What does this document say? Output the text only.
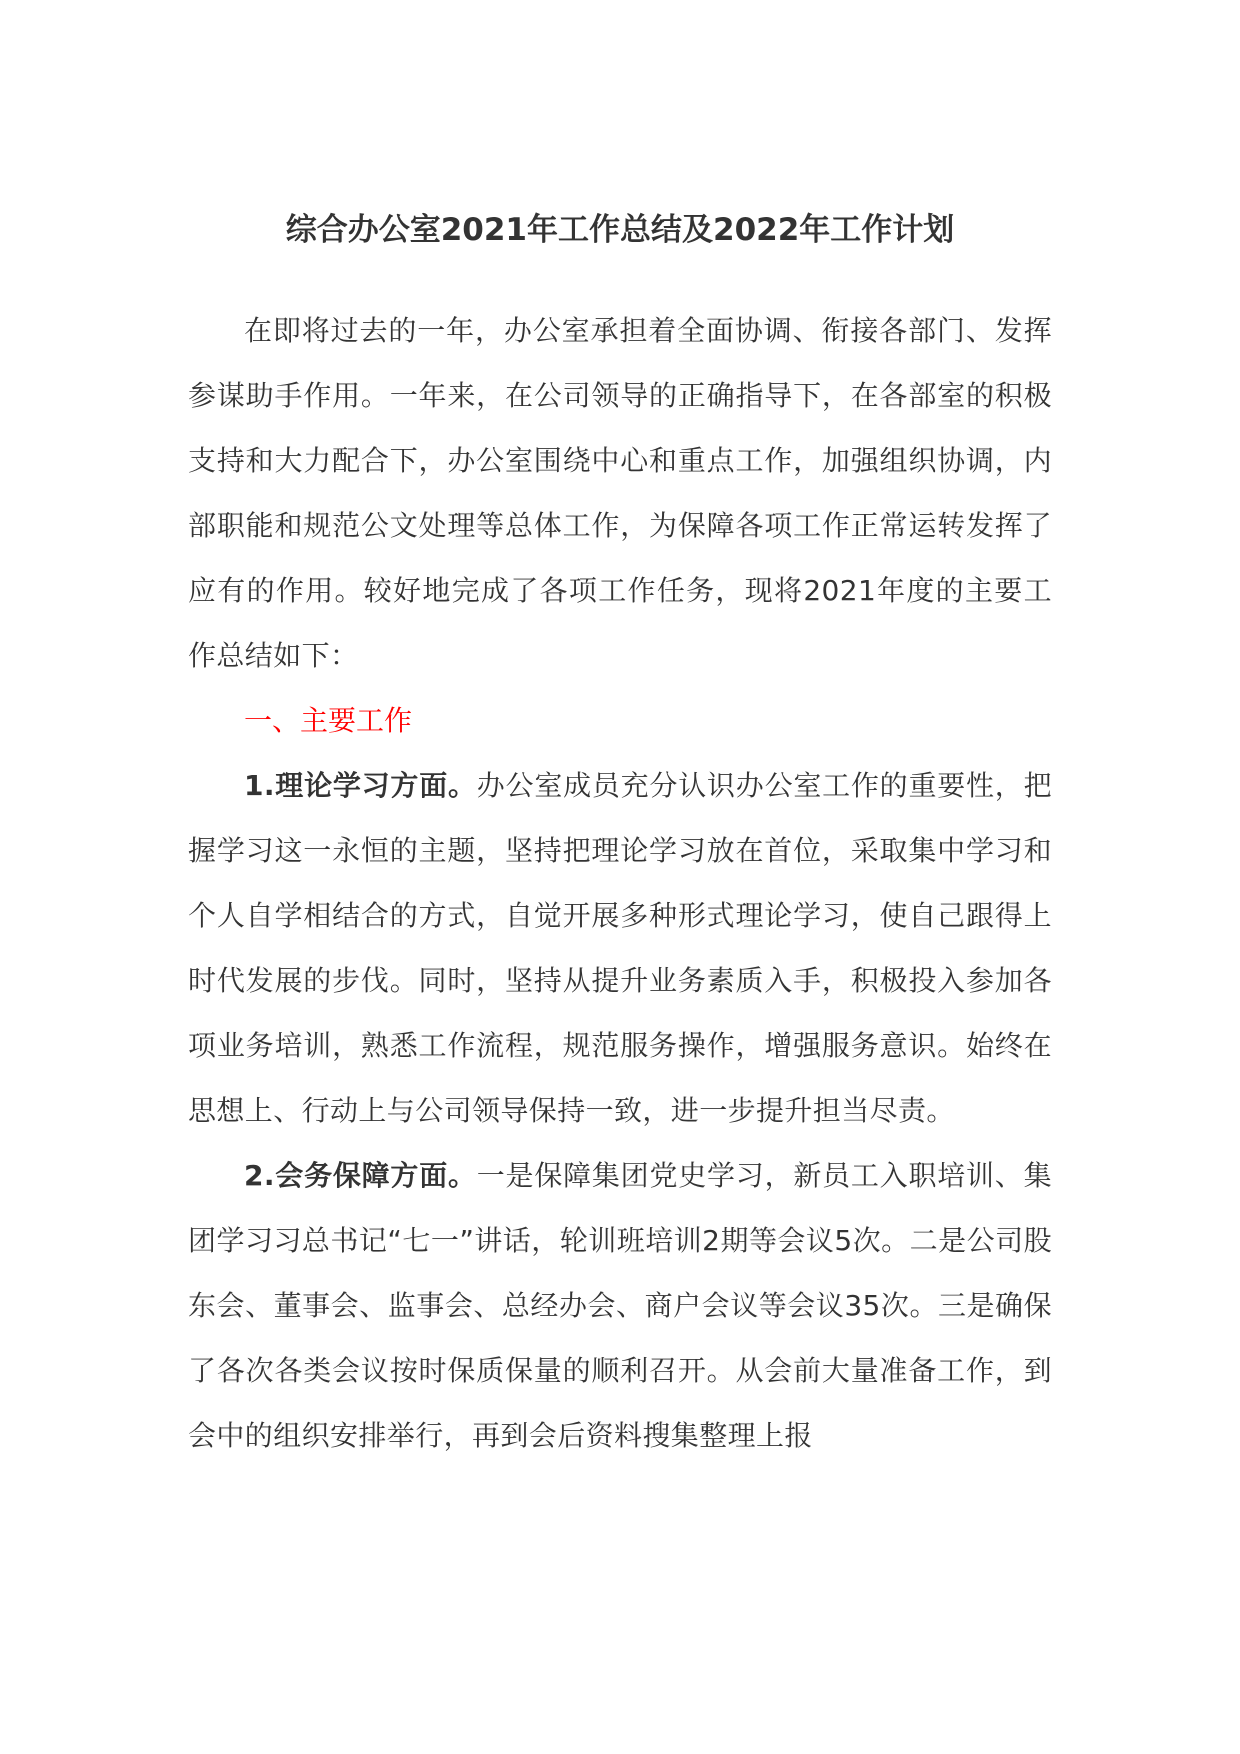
综合办公室2021年工作总结及2022年工作计划

在即将过去的一年，办公室承担着全面协调、衔接各部门、发挥参谋助手作用。一年来，在公司领导的正确指导下，在各部室的积极支持和大力配合下，办公室围绕中心和重点工作，加强组织协调，内部职能和规范公文处理等总体工作，为保障各项工作正常运转发挥了应有的作用。较好地完成了各项工作任务，现将2021年度的主要工作总结如下：

一、主要工作

1.理论学习方面。办公室成员充分认识办公室工作的重要性，把握学习这一永恒的主题，坚持把理论学习放在首位，采取集中学习和个人自学相结合的方式，自觉开展多种形式理论学习，使自己跟得上时代发展的步伐。同时，坚持从提升业务素质入手，积极投入参加各项业务培训，熟悉工作流程，规范服务操作，增强服务意识。始终在思想上、行动上与公司领导保持一致，进一步提升担当尽责。

2.会务保障方面。一是保障集团党史学习，新员工入职培训、集团学习习总书记“七一”讲话，轮训班培训2期等会议5次。二是公司股东会、董事会、监事会、总经办会、商户会议等会议35次。三是确保了各次各类会议按时保质保量的顺利召开。从会前大量准备工作，到会中的组织安排举行，再到会后资料搜集整理上报
